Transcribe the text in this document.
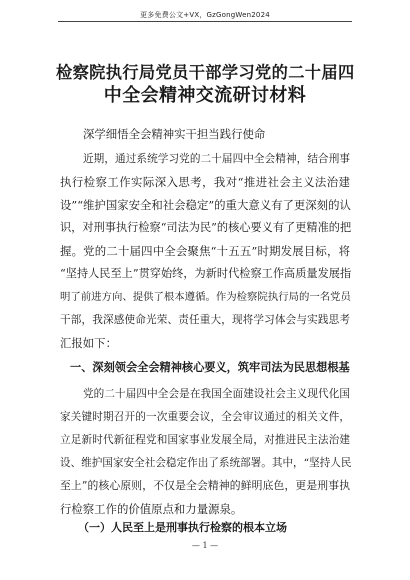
更多免费公文+VX，GzGongWen2024
检察院执行局党员干部学习党的二十届四
中全会精神交流研讨材料
深学细悟全会精神实干担当践行使命
近期，通过系统学习党的二十届四中全会精神，结合刑事
执行检察工作实际深入思考，我对“推进社会主义法治建
设”“维护国家安全和社会稳定”的重大意义有了更深刻的认
识，对刑事执行检察“司法为民”的核心要义有了更精准的把
握。党的二十届四中全会聚焦“十五五”时期发展目标，将
“坚持人民至上”贯穿始终，为新时代检察工作高质量发展指
明了前进方向、提供了根本遵循。作为检察院执行局的一名党员
干部，我深感使命光荣、责任重大，现将学习体会与实践思考
汇报如下：
一、深刻领会全会精神核心要义，筑牢司法为民思想根基
党的二十届四中全会是在我国全面建设社会主义现代化国
家关键时期召开的一次重要会议，全会审议通过的相关文件，
立足新时代新征程党和国家事业发展全局，对推进民主法治建
设、维护国家安全社会稳定作出了系统部署。其中，“坚持人民
至上”的核心原则，不仅是全会精神的鲜明底色，更是刑事执
行检察工作的价值原点和力量源泉。
（一）人民至上是刑事执行检察的根本立场
— 1 —
